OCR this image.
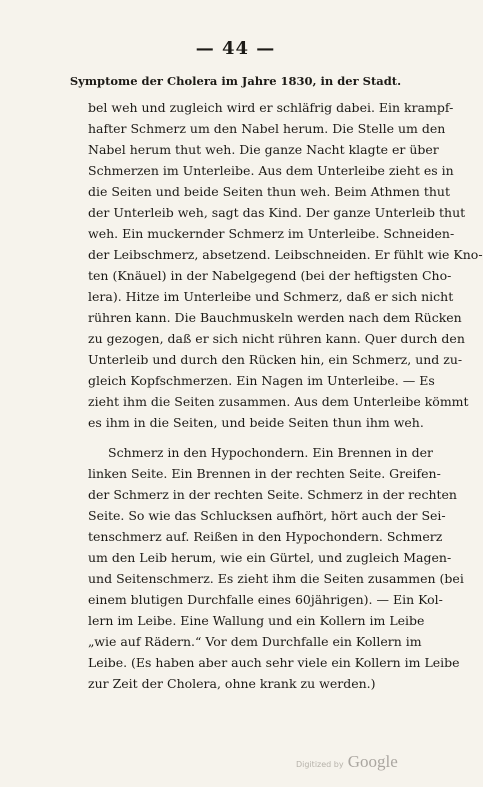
— 44 —
Symptome der Cholera im Jahre 1830, in der Stadt.
bel weh und zugleich wird er schläfrig dabei. Ein krampf-
hafter Schmerz um den Nabel herum. Die Stelle um den
Nabel herum thut weh. Die ganze Nacht klagte er über
Schmerzen im Unterleibe. Aus dem Unterleibe zieht es in
die Seiten und beide Seiten thun weh. Beim Athmen thut
der Unterleib weh, sagt das Kind. Der ganze Unterleib thut
weh. Ein muckernder Schmerz im Unterleibe. Schneiden-
der Leibschmerz, absetzend. Leibschneiden. Er fühlt wie Kno-
ten (Knäuel) in der Nabelgegend (bei der heftigsten Cho-
lera). Hitze im Unterleibe und Schmerz, daß er sich nicht
rühren kann. Die Bauchmuskeln werden nach dem Rücken
zu gezogen, daß er sich nicht rühren kann. Quer durch den
Unterleib und durch den Rücken hin, ein Schmerz, und zu-
gleich Kopfschmerzen. Ein Nagen im Unterleibe. — Es
zieht ihm die Seiten zusammen. Aus dem Unterleibe kömmt
es ihm in die Seiten, und beide Seiten thun ihm weh.
Schmerz in den Hypochondern. Ein Brennen in der
linken Seite. Ein Brennen in der rechten Seite. Greifen-
der Schmerz in der rechten Seite. Schmerz in der rechten
Seite. So wie das Schlucksen aufhört, hört auch der Sei-
tenschmerz auf. Reißen in den Hypochondern. Schmerz
um den Leib herum, wie ein Gürtel, und zugleich Magen-
und Seitenschmerz. Es zieht ihm die Seiten zusammen (bei
einem blutigen Durchfalle eines 60jährigen). — Ein Kol-
lern im Leibe. Eine Wallung und ein Kollern im Leibe
„wie auf Rädern.“ Vor dem Durchfalle ein Kollern im
Leibe. (Es haben aber auch sehr viele ein Kollern im Leibe
zur Zeit der Cholera, ohne krank zu werden.)
Digitized by Google
